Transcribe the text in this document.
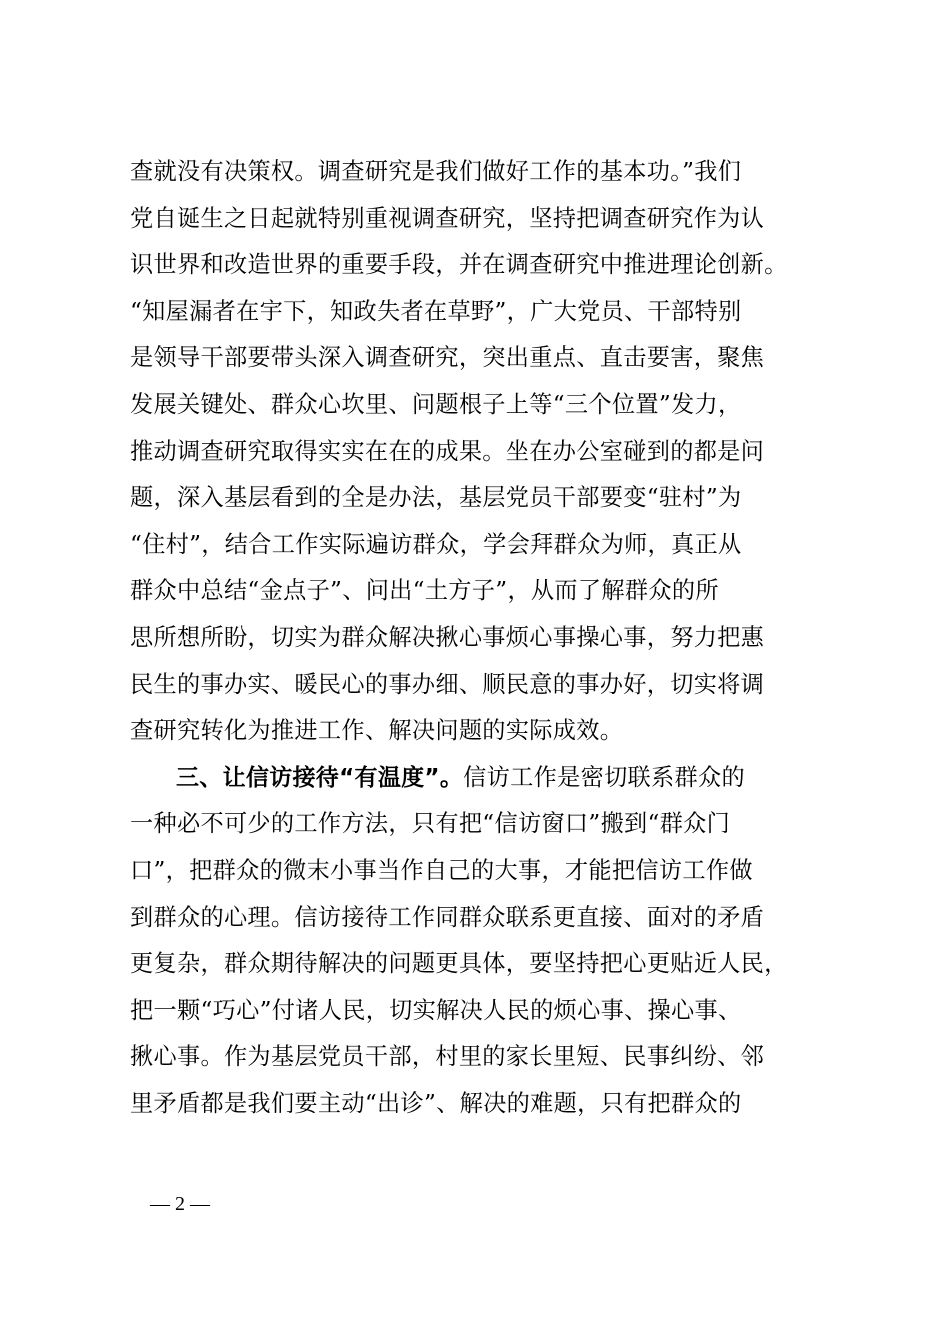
查就没有决策权。调查研究是我们做好工作的基本功。”我们
党自诞生之日起就特别重视调查研究，坚持把调查研究作为认
识世界和改造世界的重要手段，并在调查研究中推进理论创新。
“知屋漏者在宇下，知政失者在草野”，广大党员、干部特别
是领导干部要带头深入调查研究，突出重点、直击要害，聚焦
发展关键处、群众心坎里、问题根子上等“三个位置”发力，
推动调查研究取得实实在在的成果。坐在办公室碰到的都是问
题，深入基层看到的全是办法，基层党员干部要变“驻村”为
“住村”，结合工作实际遍访群众，学会拜群众为师，真正从
群众中总结“金点子”、问出“土方子”，从而了解群众的所
思所想所盼，切实为群众解决揪心事烦心事操心事，努力把惠
民生的事办实、暖民心的事办细、顺民意的事办好，切实将调
查研究转化为推进工作、解决问题的实际成效。
三、让信访接待“有温度”。信访工作是密切联系群众的
一种必不可少的工作方法，只有把“信访窗口”搬到“群众门
口”，把群众的微末小事当作自己的大事，才能把信访工作做
到群众的心理。信访接待工作同群众联系更直接、面对的矛盾
更复杂，群众期待解决的问题更具体，要坚持把心更贴近人民，
把一颗“巧心”付诸人民，切实解决人民的烦心事、操心事、
揪心事。作为基层党员干部，村里的家长里短、民事纠纷、邻
里矛盾都是我们要主动“出诊”、解决的难题，只有把群众的
— 2 —
